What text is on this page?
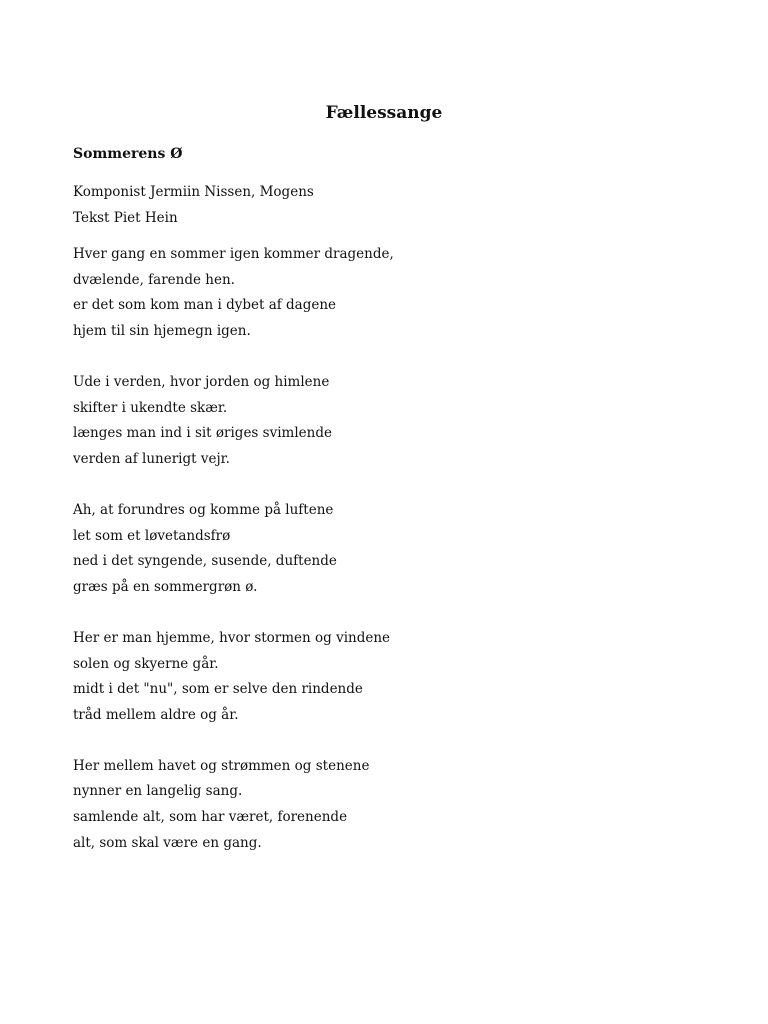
Fællessange
Sommerens Ø
Komponist Jermiin Nissen, Mogens
Tekst Piet Hein
Hver gang en sommer igen kommer dragende,
dvælende, farende hen.
er det som kom man i dybet af dagene
hjem til sin hjemegn igen.
Ude i verden, hvor jorden og himlene
skifter i ukendte skær.
længes man ind i sit øriges svimlende
verden af lunerigt vejr.
Ah, at forundres og komme på luftene
let som et løvetandsfrø
ned i det syngende, susende, duftende
græs på en sommergrøn ø.
Her er man hjemme, hvor stormen og vindene
solen og skyerne går.
midt i det "nu", som er selve den rindende
tråd mellem aldre og år.
Her mellem havet og strømmen og stenene
nynner en langelig sang.
samlende alt, som har været, forenende
alt, som skal være en gang.
